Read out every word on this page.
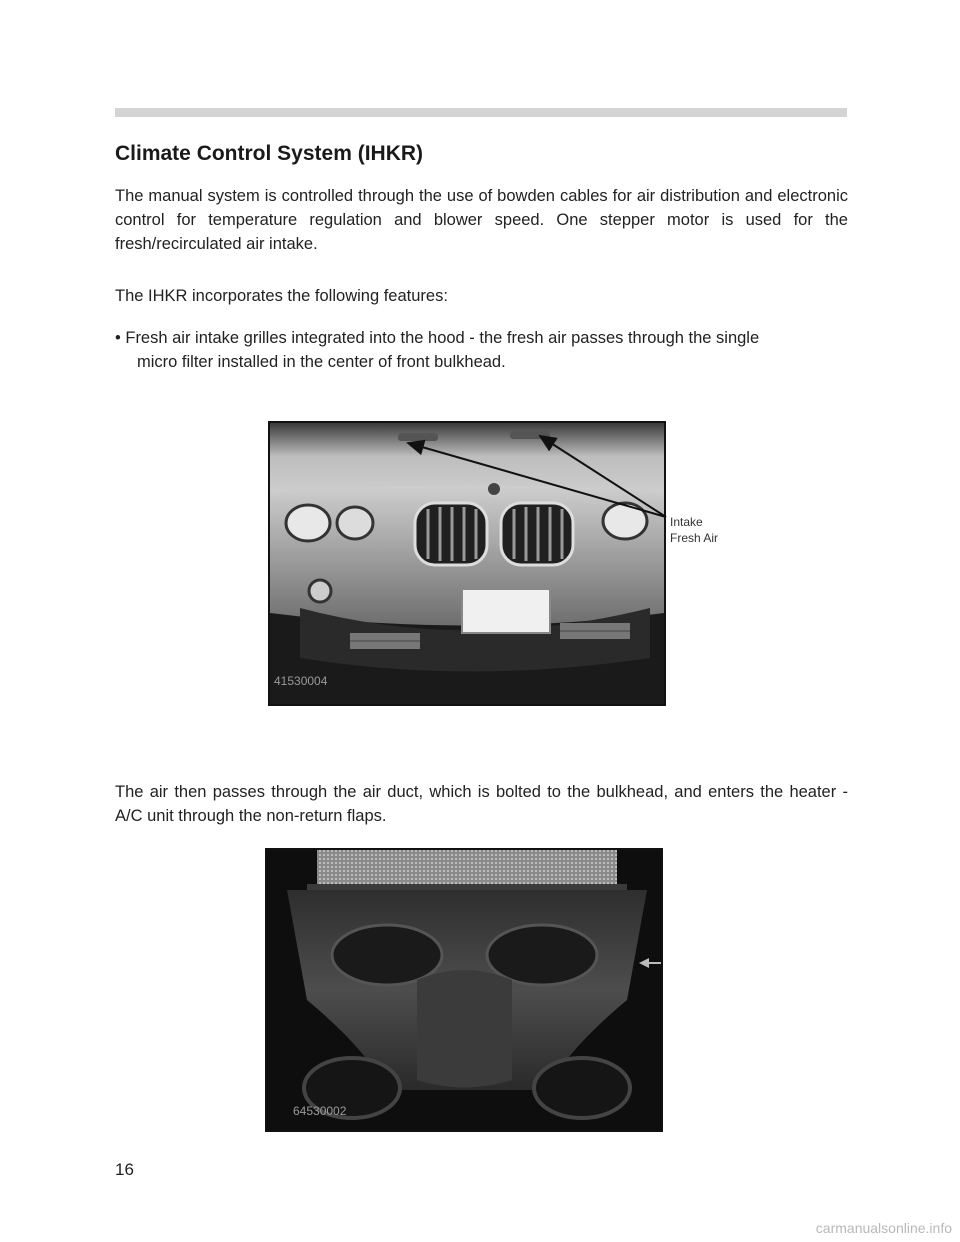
Climate Control System (IHKR)

The manual system is controlled through the use of bowden cables for air distribution and electronic control for temperature regulation and blower speed. One stepper motor is used for the fresh/recirculated air intake.

The IHKR incorporates the following features:

• Fresh air intake grilles integrated into the hood - the fresh air passes through the single
micro filter installed in the center of front bulkhead.

41530004
Intake
Fresh Air

The air then passes through the air duct, which is bolted to the bulkhead, and enters the heater - A/C unit through the non-return flaps.

64530002
16
carmanualsonline.info
